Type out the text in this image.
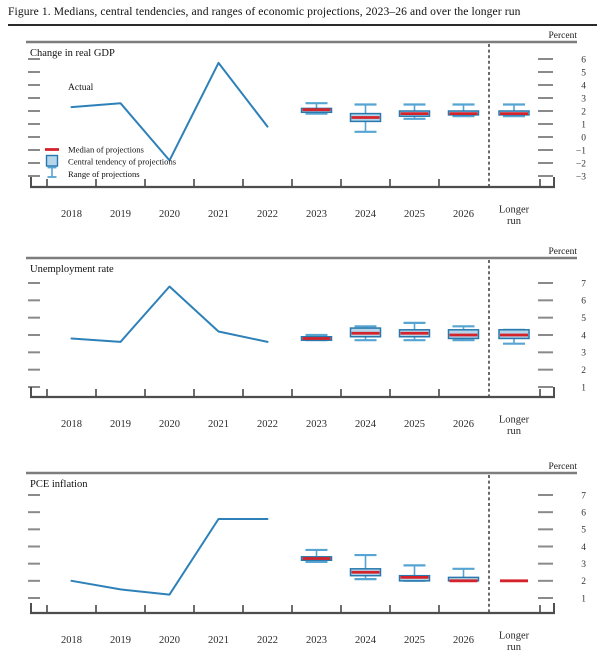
Figure 1. Medians, central tendencies, and ranges of economic projections, 2023–26 and over the longer run
Percent
6
5
4
3
2
1
0
−1
−2
−3
Change in real GDP
2018	2019	2020	2021	2022	2023	2024	2025	2026 Longer
run
Actual
Median of projections
Central tendency of projections
Range of projections
Percent
7
6
5
4
3
2
1
Unemployment rate
2018	2019	2020	2021	2022	2023	2024	2025	2026 Longer
run
Percent
7
6
5
4
3
2
1
PCE inflation
2018	2019	2020	2021	2022	2023	2024	2025	2026 Longer
run
